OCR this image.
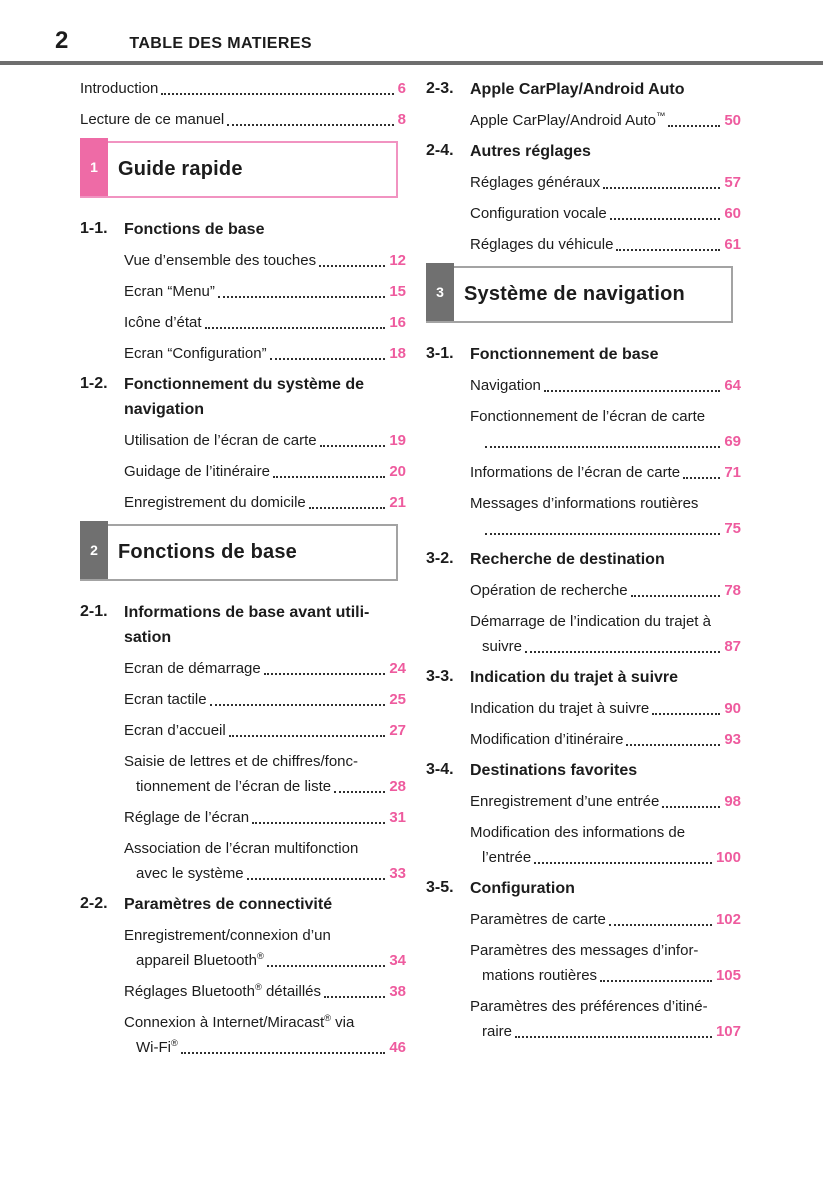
2	TABLE DES MATIERES
Introduction	6
Lecture de ce manuel	8
1 Guide rapide
1-1.	Fonctions de base
Vue d’ensemble des touches	12
Ecran “Menu”	15
Icône d’état	16
Ecran “Configuration”	18
1-2.	Fonctionnement du système de
navigation
Utilisation de l’écran de carte	19
Guidage de l’itinéraire	20
Enregistrement du domicile	21
2 Fonctions de base
2-1.	Informations de base avant utili-
sation
Ecran de démarrage	24
Ecran tactile	25
Ecran d’accueil	27
Saisie de lettres et de chiffres/fonc-
tionnement de l’écran de liste	28
Réglage de l’écran	31
Association de l’écran multifonction
avec le système	33
2-2.	Paramètres de connectivité
Enregistrement/connexion d’un
appareil Bluetooth®	34
Réglages Bluetooth® détaillés	38
Connexion à Internet/Miracast® via
Wi-Fi®	46
2-3.	Apple CarPlay/Android Auto
Apple CarPlay/Android Auto™	50
2-4.	Autres réglages
Réglages généraux	57
Configuration vocale	60
Réglages du véhicule	61
3 Système de navigation
3-1.	Fonctionnement de base
Navigation	64
Fonctionnement de l’écran de carte
69
Informations de l’écran de carte	71
Messages d’informations routières
75
3-2.	Recherche de destination
Opération de recherche	78
Démarrage de l’indication du trajet à
suivre	87
3-3.	Indication du trajet à suivre
Indication du trajet à suivre	90
Modification d’itinéraire	93
3-4.	Destinations favorites
Enregistrement d’une entrée	98
Modification des informations de
l’entrée	100
3-5.	Configuration
Paramètres de carte	102
Paramètres des messages d’infor-
mations routières	105
Paramètres des préférences d’itiné-
raire	107
